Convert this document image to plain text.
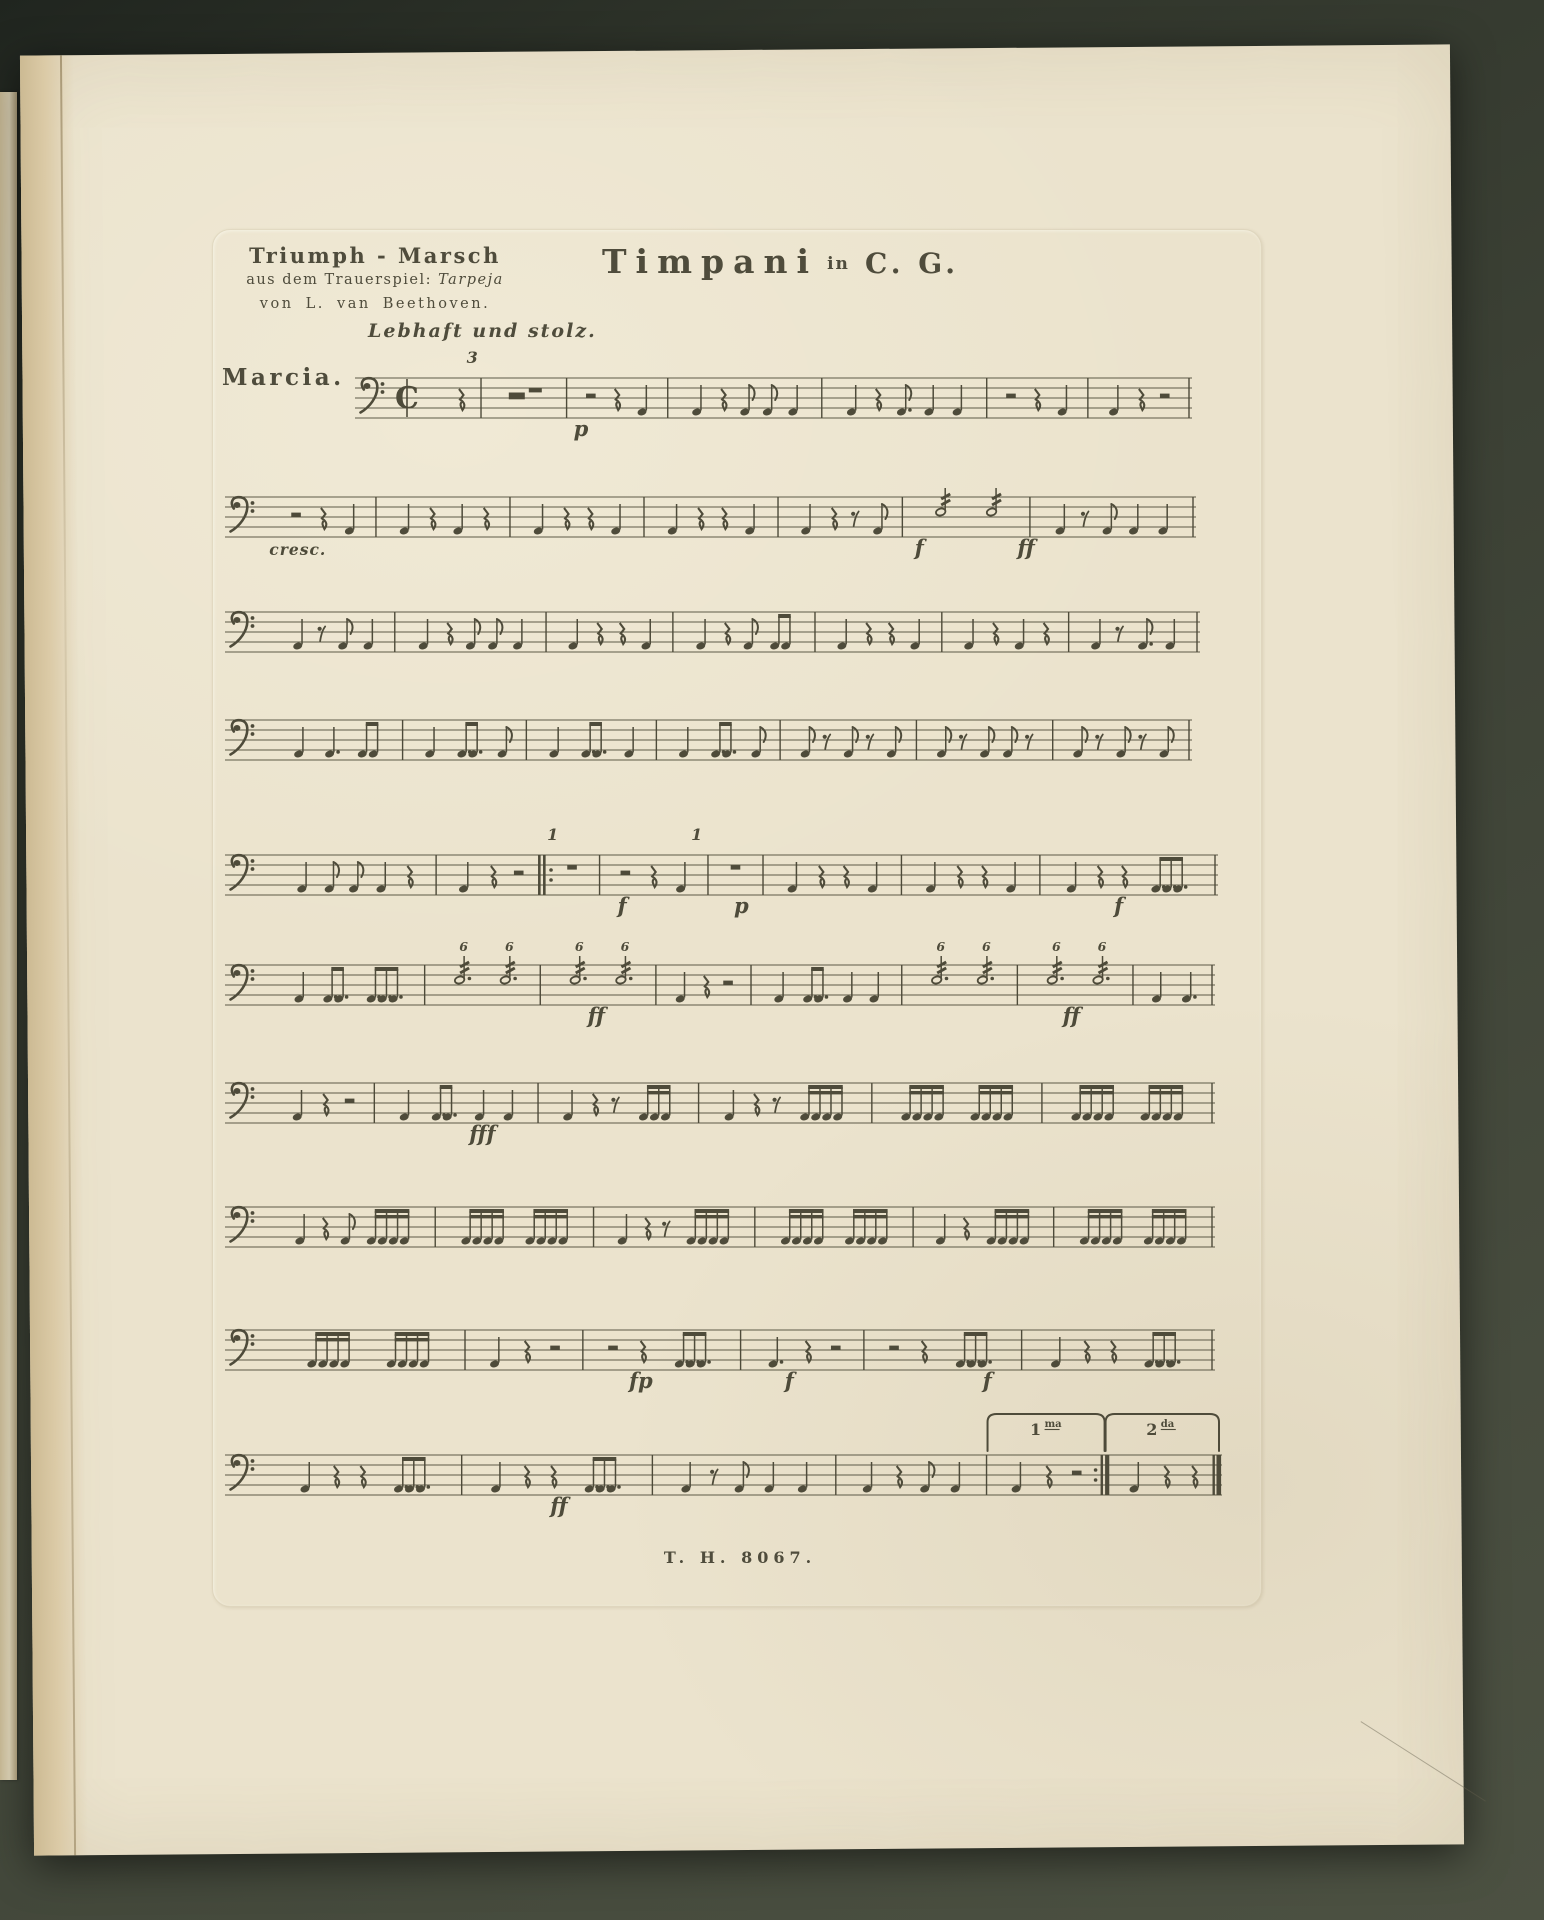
Triumph - Marsch
aus dem Trauerspiel: Tarpeja
von L. van Beethoven.
Timpani in C. G.
Lebhaft und stolz.
Marcia.
C
p
3
cresc.	f	ff
f	p	f
1	1
6	6	6	6	6	6	6	6
ff	ff
fff
fp	f	f
ff
1 ma	2 da
T. H. 8067.
